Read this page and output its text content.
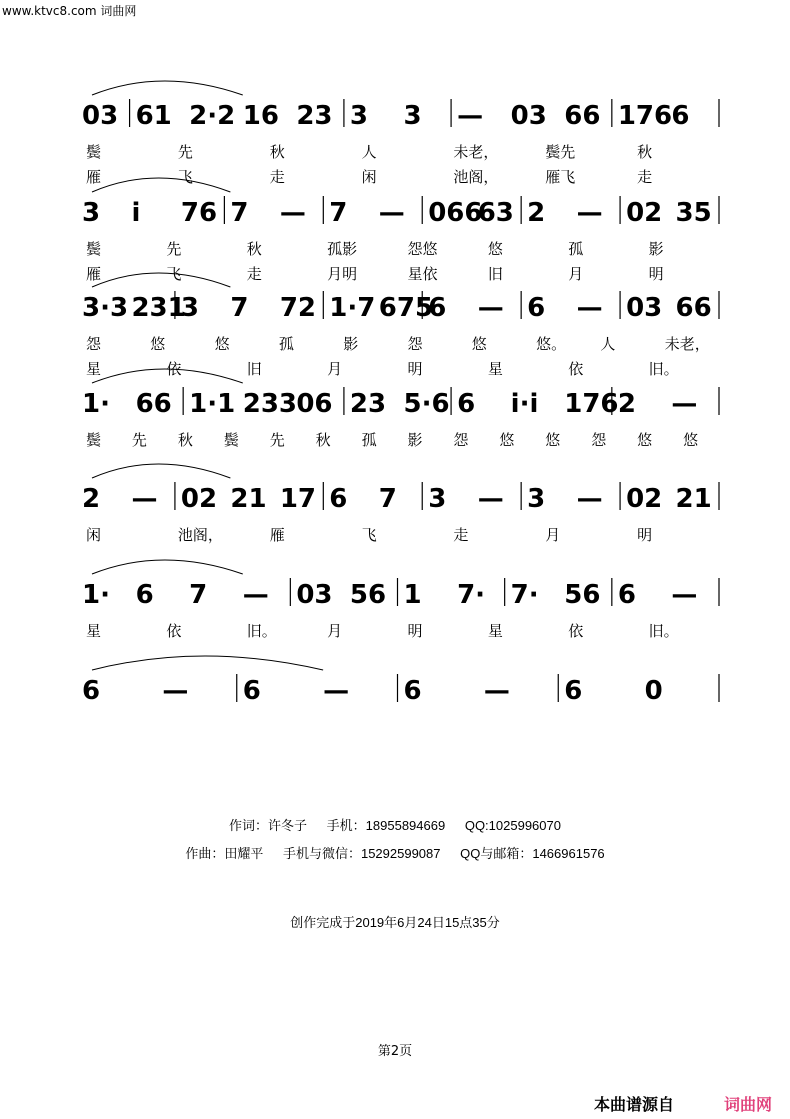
www.ktvc8.com 词曲网
03 61 2·2 16 23 3 3 — 03 66 176 6
鬓	先	秋	人	未老，	鬓先	秋
雁	飞	走	闲	池阁，	雁飞	走
3 i 76 7 — 7 — 066
63 2 — 02 35
鬓	先	秋	孤影	怨悠	悠	孤	影
雁	飞	走	月明	星依	旧	月	明
3·3 231
3 7 72 1·7 675
6 — 6 — 03 66
怨	悠	悠	孤	影	怨	悠	悠。 人	未老，
星	依	旧	月	明	星	依	旧。
1· 66 1·1 233 06 23 5·6 6 i·i 176 2 —
鬓 先 秋 鬓 先 秋 孤 影 怨 悠 悠 怨 悠 悠
2 — 02 21 17 6 7 3 — 3 — 02 21
闲	池阁，	雁	飞	走	月	明
1· 6 7 — 03 56 1 7· 7· 56 6 —
星	依	旧。	月	明	星	依	旧。
6 — 6 — 6 — 6 0
作词：许冬子 手机：18955894669 QQ:1025996070
作曲：田耀平 手机与微信：15292599087 QQ与邮箱：1466961576
创作完成于2019年6月24日15点35分
第2页
本曲谱源自	词曲网
